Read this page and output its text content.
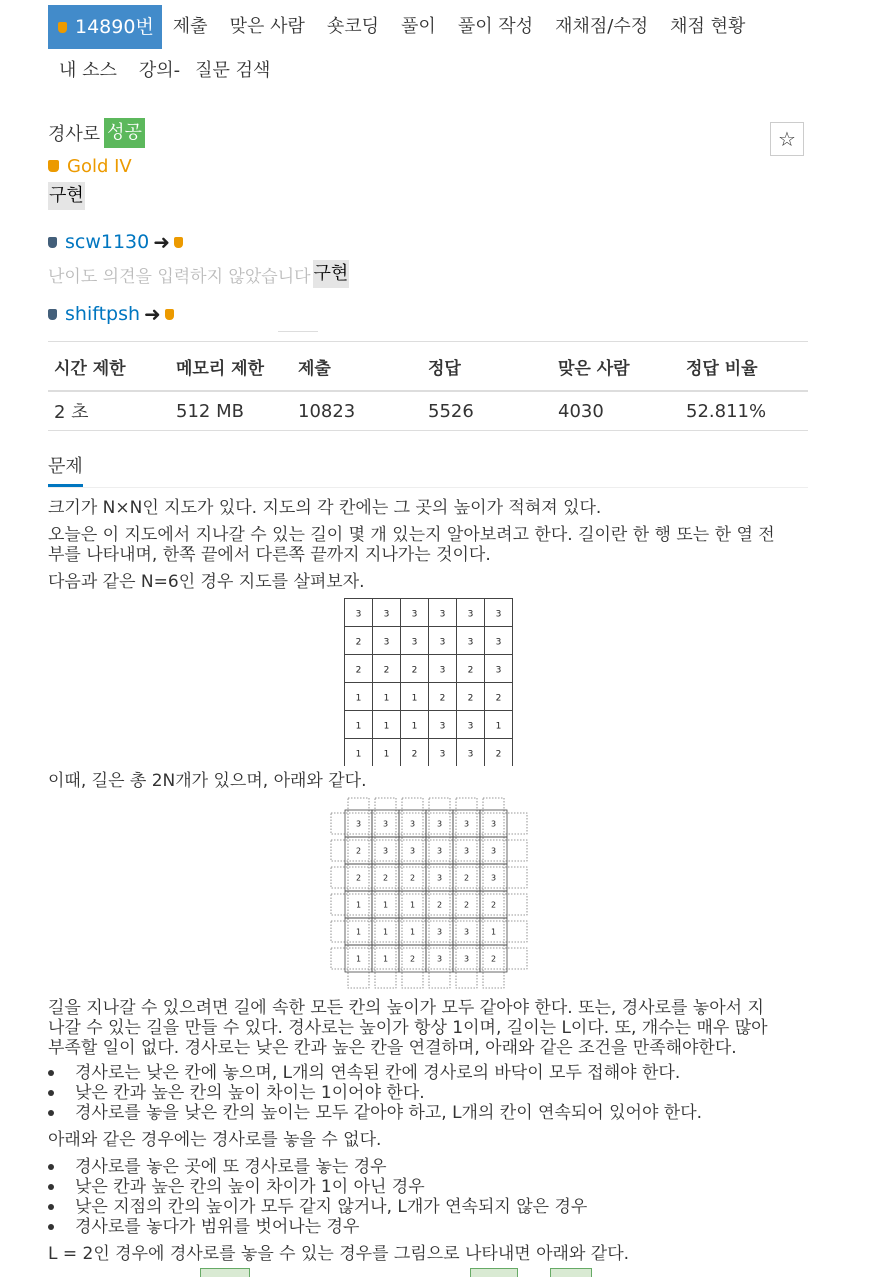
14890번	제출	맞은 사람	숏코딩	풀이	풀이 작성	재채점/수정	채점 현황
내 소스	강의- 질문 검색
경사로 성공	☆
Gold IV
구현
scw1130 ➜
난이도 의견을 입력하지 않았습니다 구현
shiftpsh ➜
시간 제한	메모리 제한	제출	정답	맞은 사람	정답 비율
2 초	512 MB	10823	5526	4030	52.811%
문제
크기가 N×N인 지도가 있다. 지도의 각 칸에는 그 곳의 높이가 적혀져 있다.
오늘은 이 지도에서 지나갈 수 있는 길이 몇 개 있는지 알아보려고 한다. 길이란 한 행 또는 한 열 전
부를 나타내며, 한쪽 끝에서 다른쪽 끝까지 지나가는 것이다.
다음과 같은 N=6인 경우 지도를 살펴보자.
3 3 3 3 3 3
2 3 3 3 3 3
2 2 2 3 2 3
1 1 1 2 2 2
1 1 1 3 3 1
1 1 2 3 3 2
이때, 길은 총 2N개가 있으며, 아래와 같다.
3	3	3	3	3	3
2	3	3	3	3	3
2	2	2	3	2	3
1	1	1	2	2	2
1	1	1	3	3	1
1	1	2	3	3	2
길을 지나갈 수 있으려면 길에 속한 모든 칸의 높이가 모두 같아야 한다. 또는, 경사로를 놓아서 지
나갈 수 있는 길을 만들 수 있다. 경사로는 높이가 항상 1이며, 길이는 L이다. 또, 개수는 매우 많아
부족할 일이 없다. 경사로는 낮은 칸과 높은 칸을 연결하며, 아래와 같은 조건을 만족해야한다.
경사로는 낮은 칸에 놓으며, L개의 연속된 칸에 경사로의 바닥이 모두 접해야 한다.
낮은 칸과 높은 칸의 높이 차이는 1이어야 한다.
경사로를 놓을 낮은 칸의 높이는 모두 같아야 하고, L개의 칸이 연속되어 있어야 한다.
아래와 같은 경우에는 경사로를 놓을 수 없다.
경사로를 놓은 곳에 또 경사로를 놓는 경우
낮은 칸과 높은 칸의 높이 차이가 1이 아닌 경우
낮은 지점의 칸의 높이가 모두 같지 않거나, L개가 연속되지 않은 경우
경사로를 놓다가 범위를 벗어나는 경우
L = 2인 경우에 경사로를 놓을 수 있는 경우를 그림으로 나타내면 아래와 같다.
